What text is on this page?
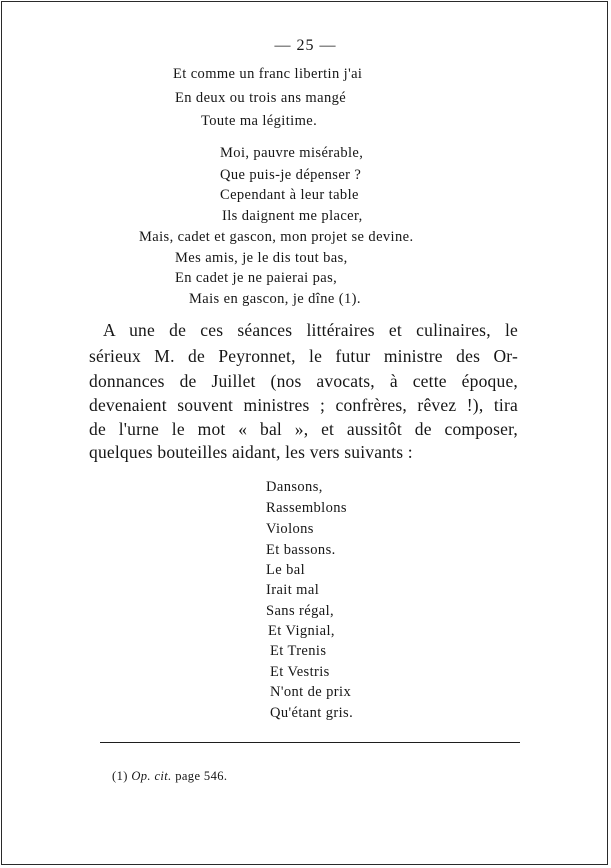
— 25 —
Et comme un franc libertin j'ai
En deux ou trois ans mangé
Toute ma légitime.
Moi, pauvre misérable,
Que puis-je dépenser ?
Cependant à leur table
Ils daignent me placer,
Mais, cadet et gascon, mon projet se devine.
Mes amis, je le dis tout bas,
En cadet je ne paierai pas,
Mais en gascon, je dîne (1).
A une de ces séances littéraires et culinaires, le
sérieux M. de Peyronnet, le futur ministre des Or-
donnances de Juillet (nos avocats, à cette époque,
devenaient souvent ministres ; confrères, rêvez !), tira
de l'urne le mot « bal », et aussitôt de composer,
quelques bouteilles aidant, les vers suivants :
Dansons,
Rassemblons
Violons
Et bassons.
Le bal
Irait mal
Sans régal,
Et Vignial,
Et Trenis
Et Vestris
N'ont de prix
Qu'étant gris.
(1) Op. cit. page 546.
